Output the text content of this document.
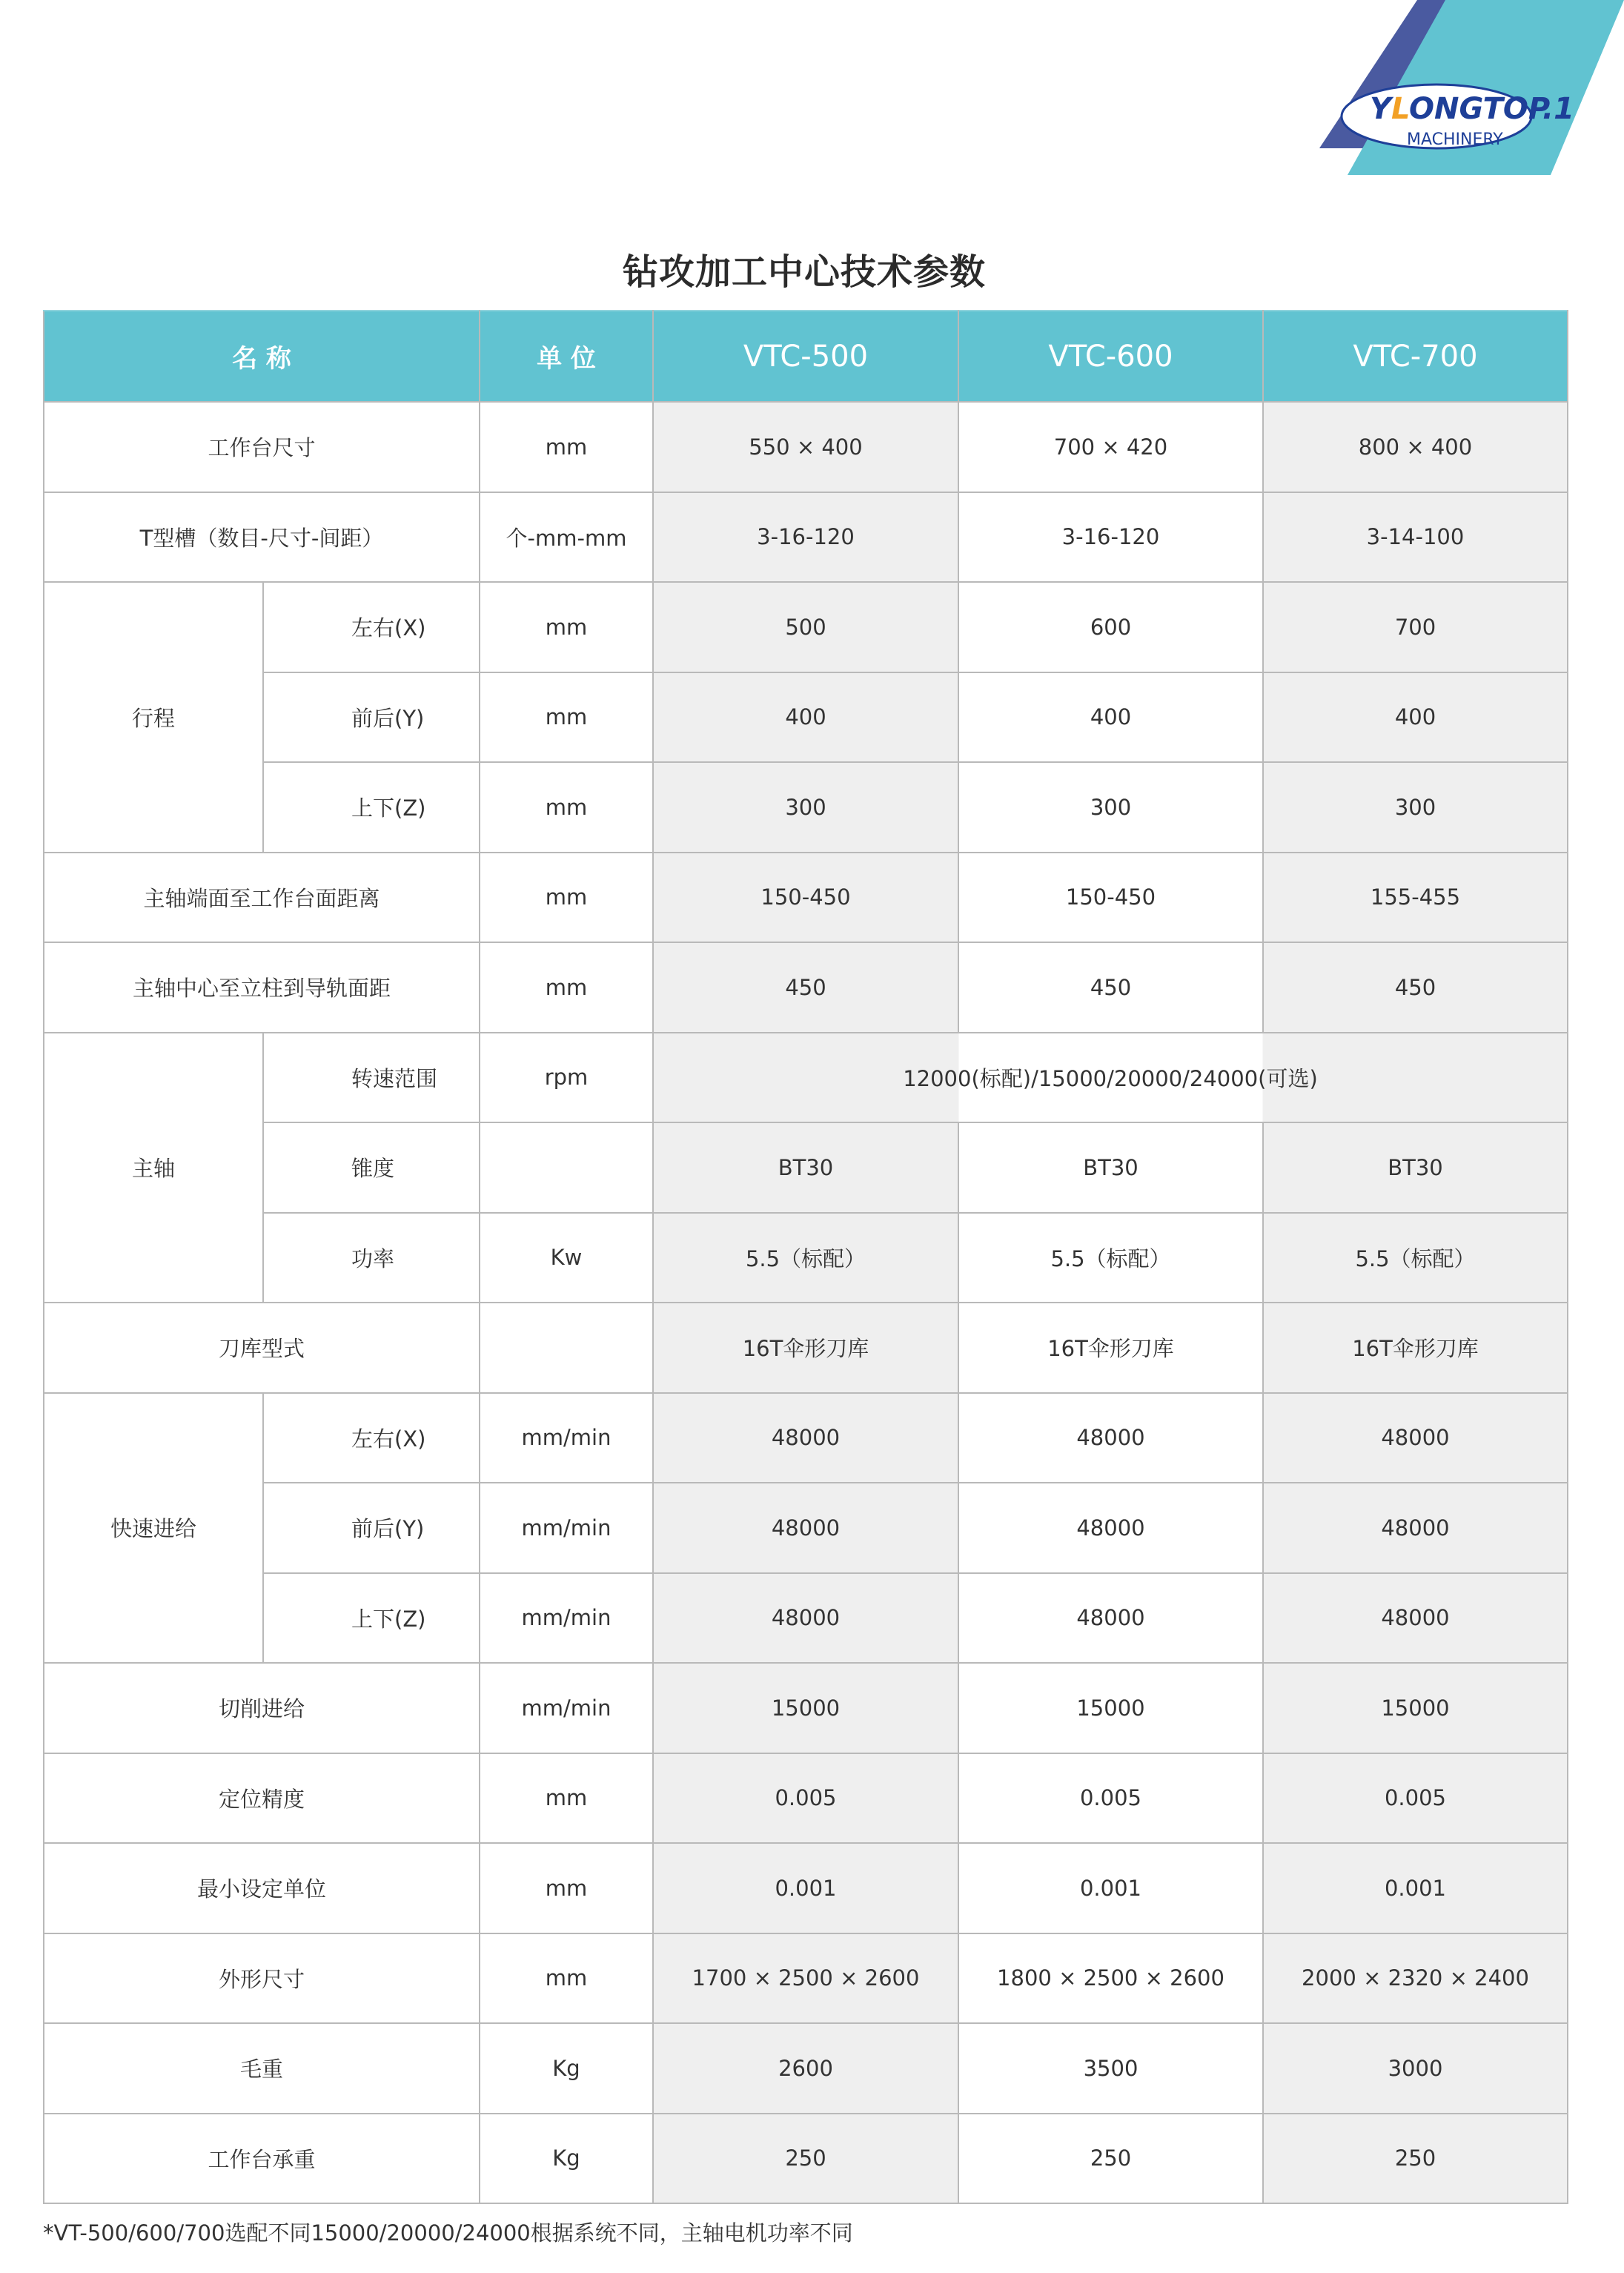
YLONGTOP.1
MACHINERY
钻攻加工中心技术参数
名 称		单 位	VTC-500	VTC-600	VTC-700
工作台尺寸		mm	550 × 400	700 × 420	800 × 400
T型槽（数目-尺寸-间距）		个-mm-mm	3-16-120	3-16-120	3-14-100
行程	左右(X)	mm	500	600	700
	前后(Y)	mm	400	400	400
	上下(Z)	mm	300	300	300
主轴端面至工作台面距离		mm	150-450	150-450	155-455
主轴中心至立柱到导轨面距		mm	450	450	450
主轴	转速范围	rpm	12000(标配)/15000/20000/24000(可选)		
	锥度		BT30	BT30	BT30
	功率	Kw	5.5（标配）	5.5（标配）	5.5（标配）
刀库型式			16T伞形刀库	16T伞形刀库	16T伞形刀库
快速进给	左右(X)	mm/min	48000	48000	48000
	前后(Y)	mm/min	48000	48000	48000
	上下(Z)	mm/min	48000	48000	48000
切削进给		mm/min	15000	15000	15000
定位精度		mm	0.005	0.005	0.005
最小设定单位		mm	0.001	0.001	0.001
外形尺寸		mm	1700 × 2500 × 2600	1800 × 2500 × 2600	2000 × 2320 × 2400
毛重		Kg	2600	3500	3000
工作台承重		Kg	250	250	250
*VT-500/600/700选配不同15000/20000/24000根据系统不同，主轴电机功率不同
